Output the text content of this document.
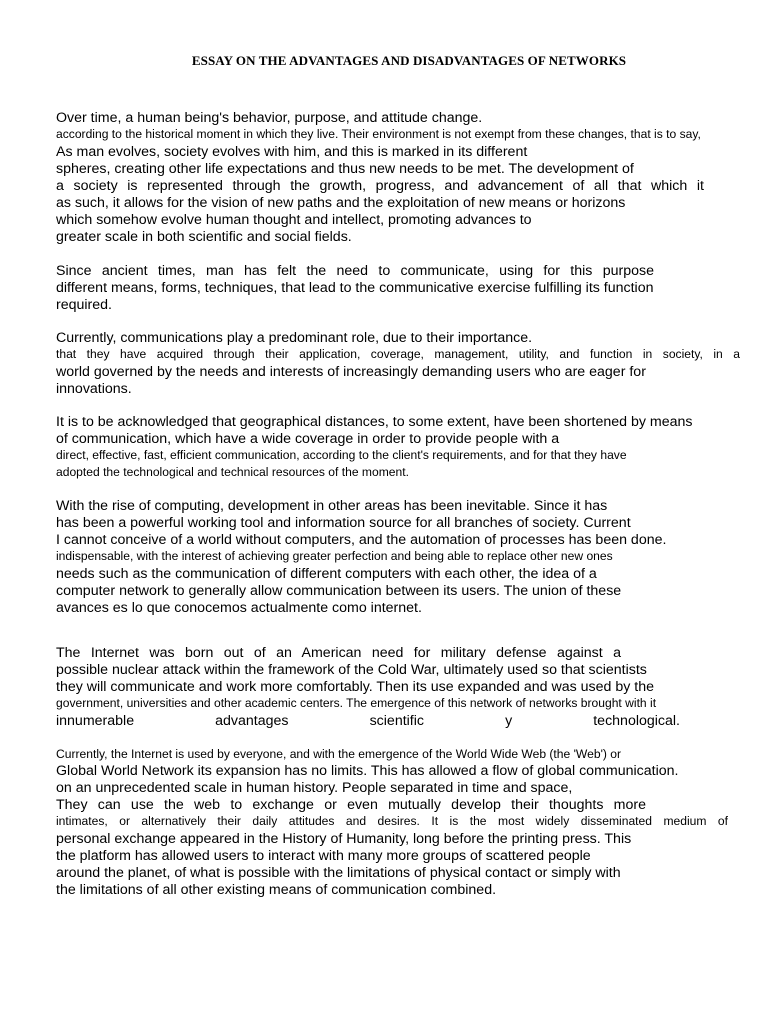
ESSAY ON THE ADVANTAGES AND DISADVANTAGES OF NETWORKS
Over time, a human being's behavior, purpose, and attitude change.
according to the historical moment in which they live. Their environment is not exempt from these changes, that is to say,
As man evolves, society evolves with him, and this is marked in its different
spheres, creating other life expectations and thus new needs to be met. The development of
a society is represented through the growth, progress, and advancement of all that which it
as such, it allows for the vision of new paths and the exploitation of new means or horizons
which somehow evolve human thought and intellect, promoting advances to
greater scale in both scientific and social fields.
Since ancient times, man has felt the need to communicate, using for this purpose
different means, forms, techniques, that lead to the communicative exercise fulfilling its function
required.
Currently, communications play a predominant role, due to their importance.
that they have acquired through their application, coverage, management, utility, and function in society, in a
world governed by the needs and interests of increasingly demanding users who are eager for
innovations.
It is to be acknowledged that geographical distances, to some extent, have been shortened by means
of communication, which have a wide coverage in order to provide people with a
direct, effective, fast, efficient communication, according to the client's requirements, and for that they have
adopted the technological and technical resources of the moment.
With the rise of computing, development in other areas has been inevitable. Since it has
has been a powerful working tool and information source for all branches of society. Current
I cannot conceive of a world without computers, and the automation of processes has been done.
indispensable, with the interest of achieving greater perfection and being able to replace other new ones
needs such as the communication of different computers with each other, the idea of a
computer network to generally allow communication between its users. The union of these
avances es lo que conocemos actualmente como internet.
The Internet was born out of an American need for military defense against a
possible nuclear attack within the framework of the Cold War, ultimately used so that scientists
they will communicate and work more comfortably. Then its use expanded and was used by the
government, universities and other academic centers. The emergence of this network of networks brought with it
innumerable advantages scientific y technological.
Currently, the Internet is used by everyone, and with the emergence of the World Wide Web (the 'Web') or
Global World Network its expansion has no limits. This has allowed a flow of global communication.
on an unprecedented scale in human history. People separated in time and space,
They can use the web to exchange or even mutually develop their thoughts more
intimates, or alternatively their daily attitudes and desires. It is the most widely disseminated medium of
personal exchange appeared in the History of Humanity, long before the printing press. This
the platform has allowed users to interact with many more groups of scattered people
around the planet, of what is possible with the limitations of physical contact or simply with
the limitations of all other existing means of communication combined.
